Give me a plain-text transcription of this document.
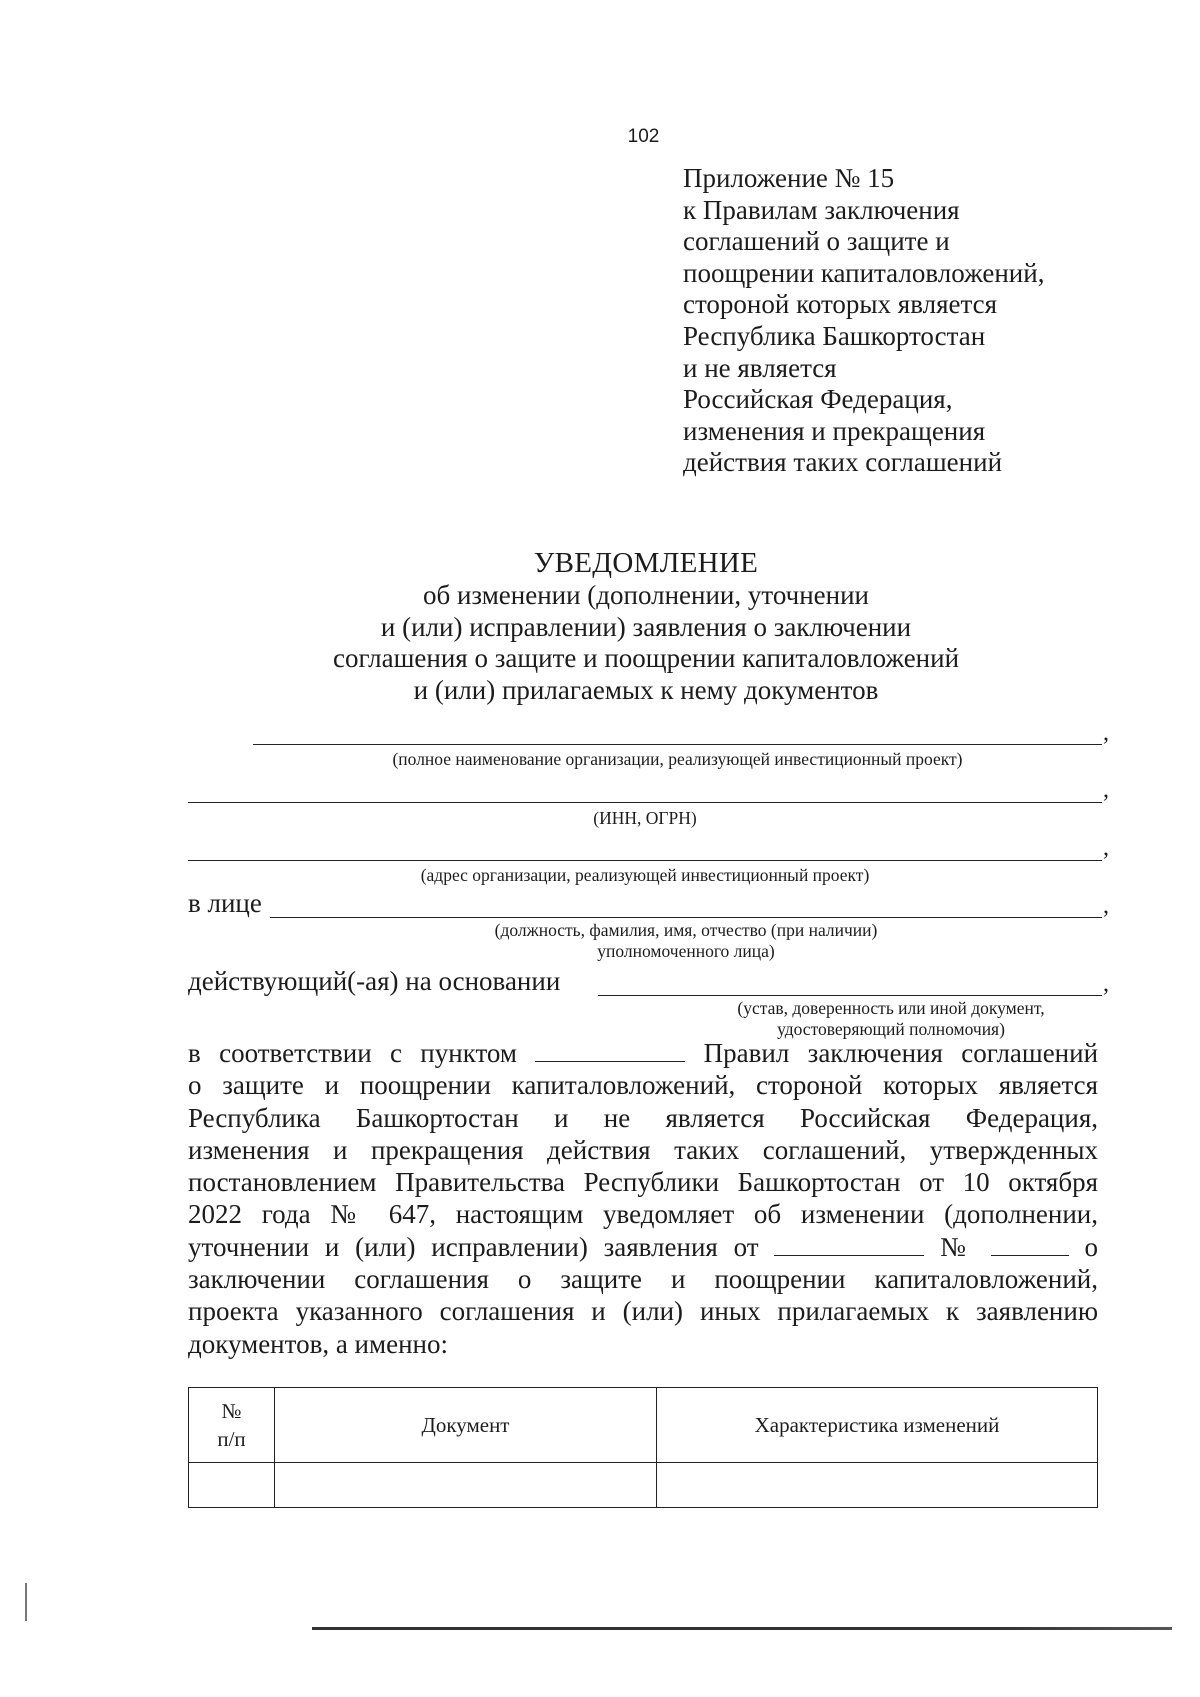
102
Приложение № 15
к Правилам заключения
соглашений о защите и
поощрении капиталовложений,
стороной которых является
Республика Башкортостан
и не является
Российская Федерация,
изменения и прекращения
действия таких соглашений
УВЕДОМЛЕНИЕ
об изменении (дополнении, уточнении
и (или) исправлении) заявления о заключении
соглашения о защите и поощрении капиталовложений
и (или) прилагаемых к нему документов
,
(полное наименование организации, реализующей инвестиционный проект)
,
(ИНН, ОГРН)
,
(адрес организации, реализующей инвестиционный проект)
в лице	,
(должность, фамилия, имя, отчество (при наличии)
уполномоченного лица)
действующий(-ая) на основании	,
(устав, доверенность или иной документ,
удостоверяющий полномочия)
в соответствии с пунктом	Правил заключения соглашений
о защите и поощрении капиталовложений, стороной которых является
Республика Башкортостан и не является Российская Федерация,
изменения и прекращения действия таких соглашений, утвержденных
постановлением Правительства Республики Башкортостан от 10 октября
2022 года № 647, настоящим уведомляет об изменении (дополнении,
уточнении и (или) исправлении) заявления от	№	о
заключении соглашения о защите и поощрении капиталовложений,
проекта указанного соглашения и (или) иных прилагаемых к заявлению
документов, а именно:
№
п/п	Документ	Характеристика изменений
